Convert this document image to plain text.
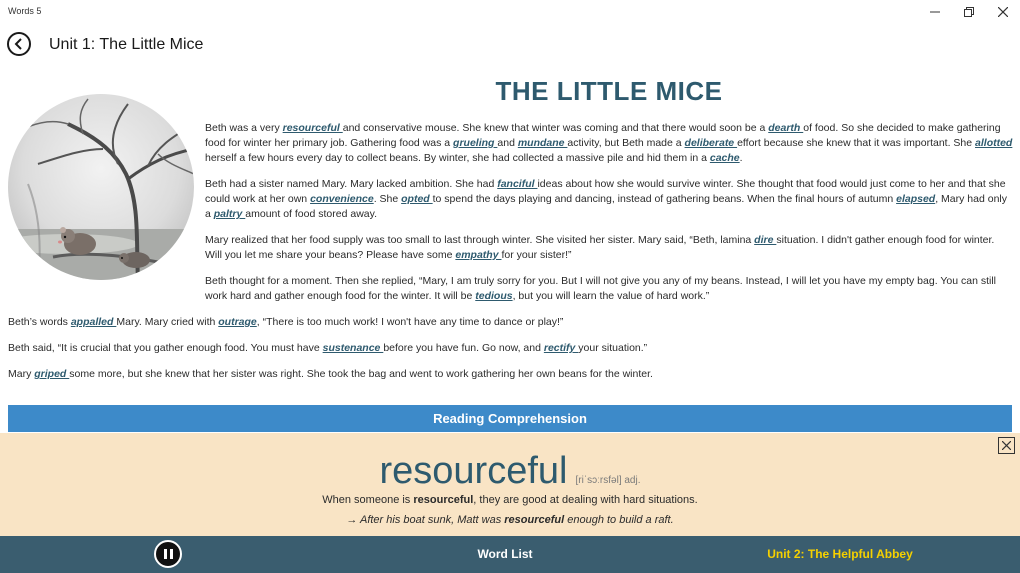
Words 5
Unit 1: The Little Mice
THE LITTLE MICE

Beth was a very resourceful and conservative mouse. She knew that winter was coming and that there would soon be a dearth of food. So she decided to make gathering food for winter her primary job. Gathering food was a grueling and mundane activity, but Beth made a deliberate effort because she knew that it was important. She allotted herself a few hours every day to collect beans. By winter, she had collected a massive pile and hid them in a cache.

Beth had a sister named Mary. Mary lacked ambition. She had fanciful ideas about how she would survive winter. She thought that food would just come to her and that she could work at her own convenience. She opted to spend the days playing and dancing, instead of gathering beans. When the final hours of autumn elapsed, Mary had only a paltry amount of food stored away.

Mary realized that her food supply was too small to last through winter. She visited her sister. Mary said, “Beth, lamina dire situation. I didn't gather enough food for winter. Will you let me share your beans? Please have some empathy for your sister!”

Beth thought for a moment. Then she replied, “Mary, I am truly sorry for you. But I will not give you any of my beans. Instead, I will let you have my empty bag. You can still work hard and gather enough food for the winter. It will be tedious, but you will learn the value of hard work.”

Beth’s words appalled Mary. Mary cried with outrage, “There is too much work! I won't have any time to dance or play!”

Beth said, “It is crucial that you gather enough food. You must have sustenance before you have fun. Go now, and rectify your situation.”

Mary griped some more, but she knew that her sister was right. She took the bag and went to work gathering her own beans for the winter.

Reading Comprehension
resourceful [riˈsɔːrsfəl] adj.
When someone is resourceful, they are good at dealing with hard situations.
→ After his boat sunk, Matt was resourceful enough to build a raft.
Word List	Unit 2: The Helpful Abbey
